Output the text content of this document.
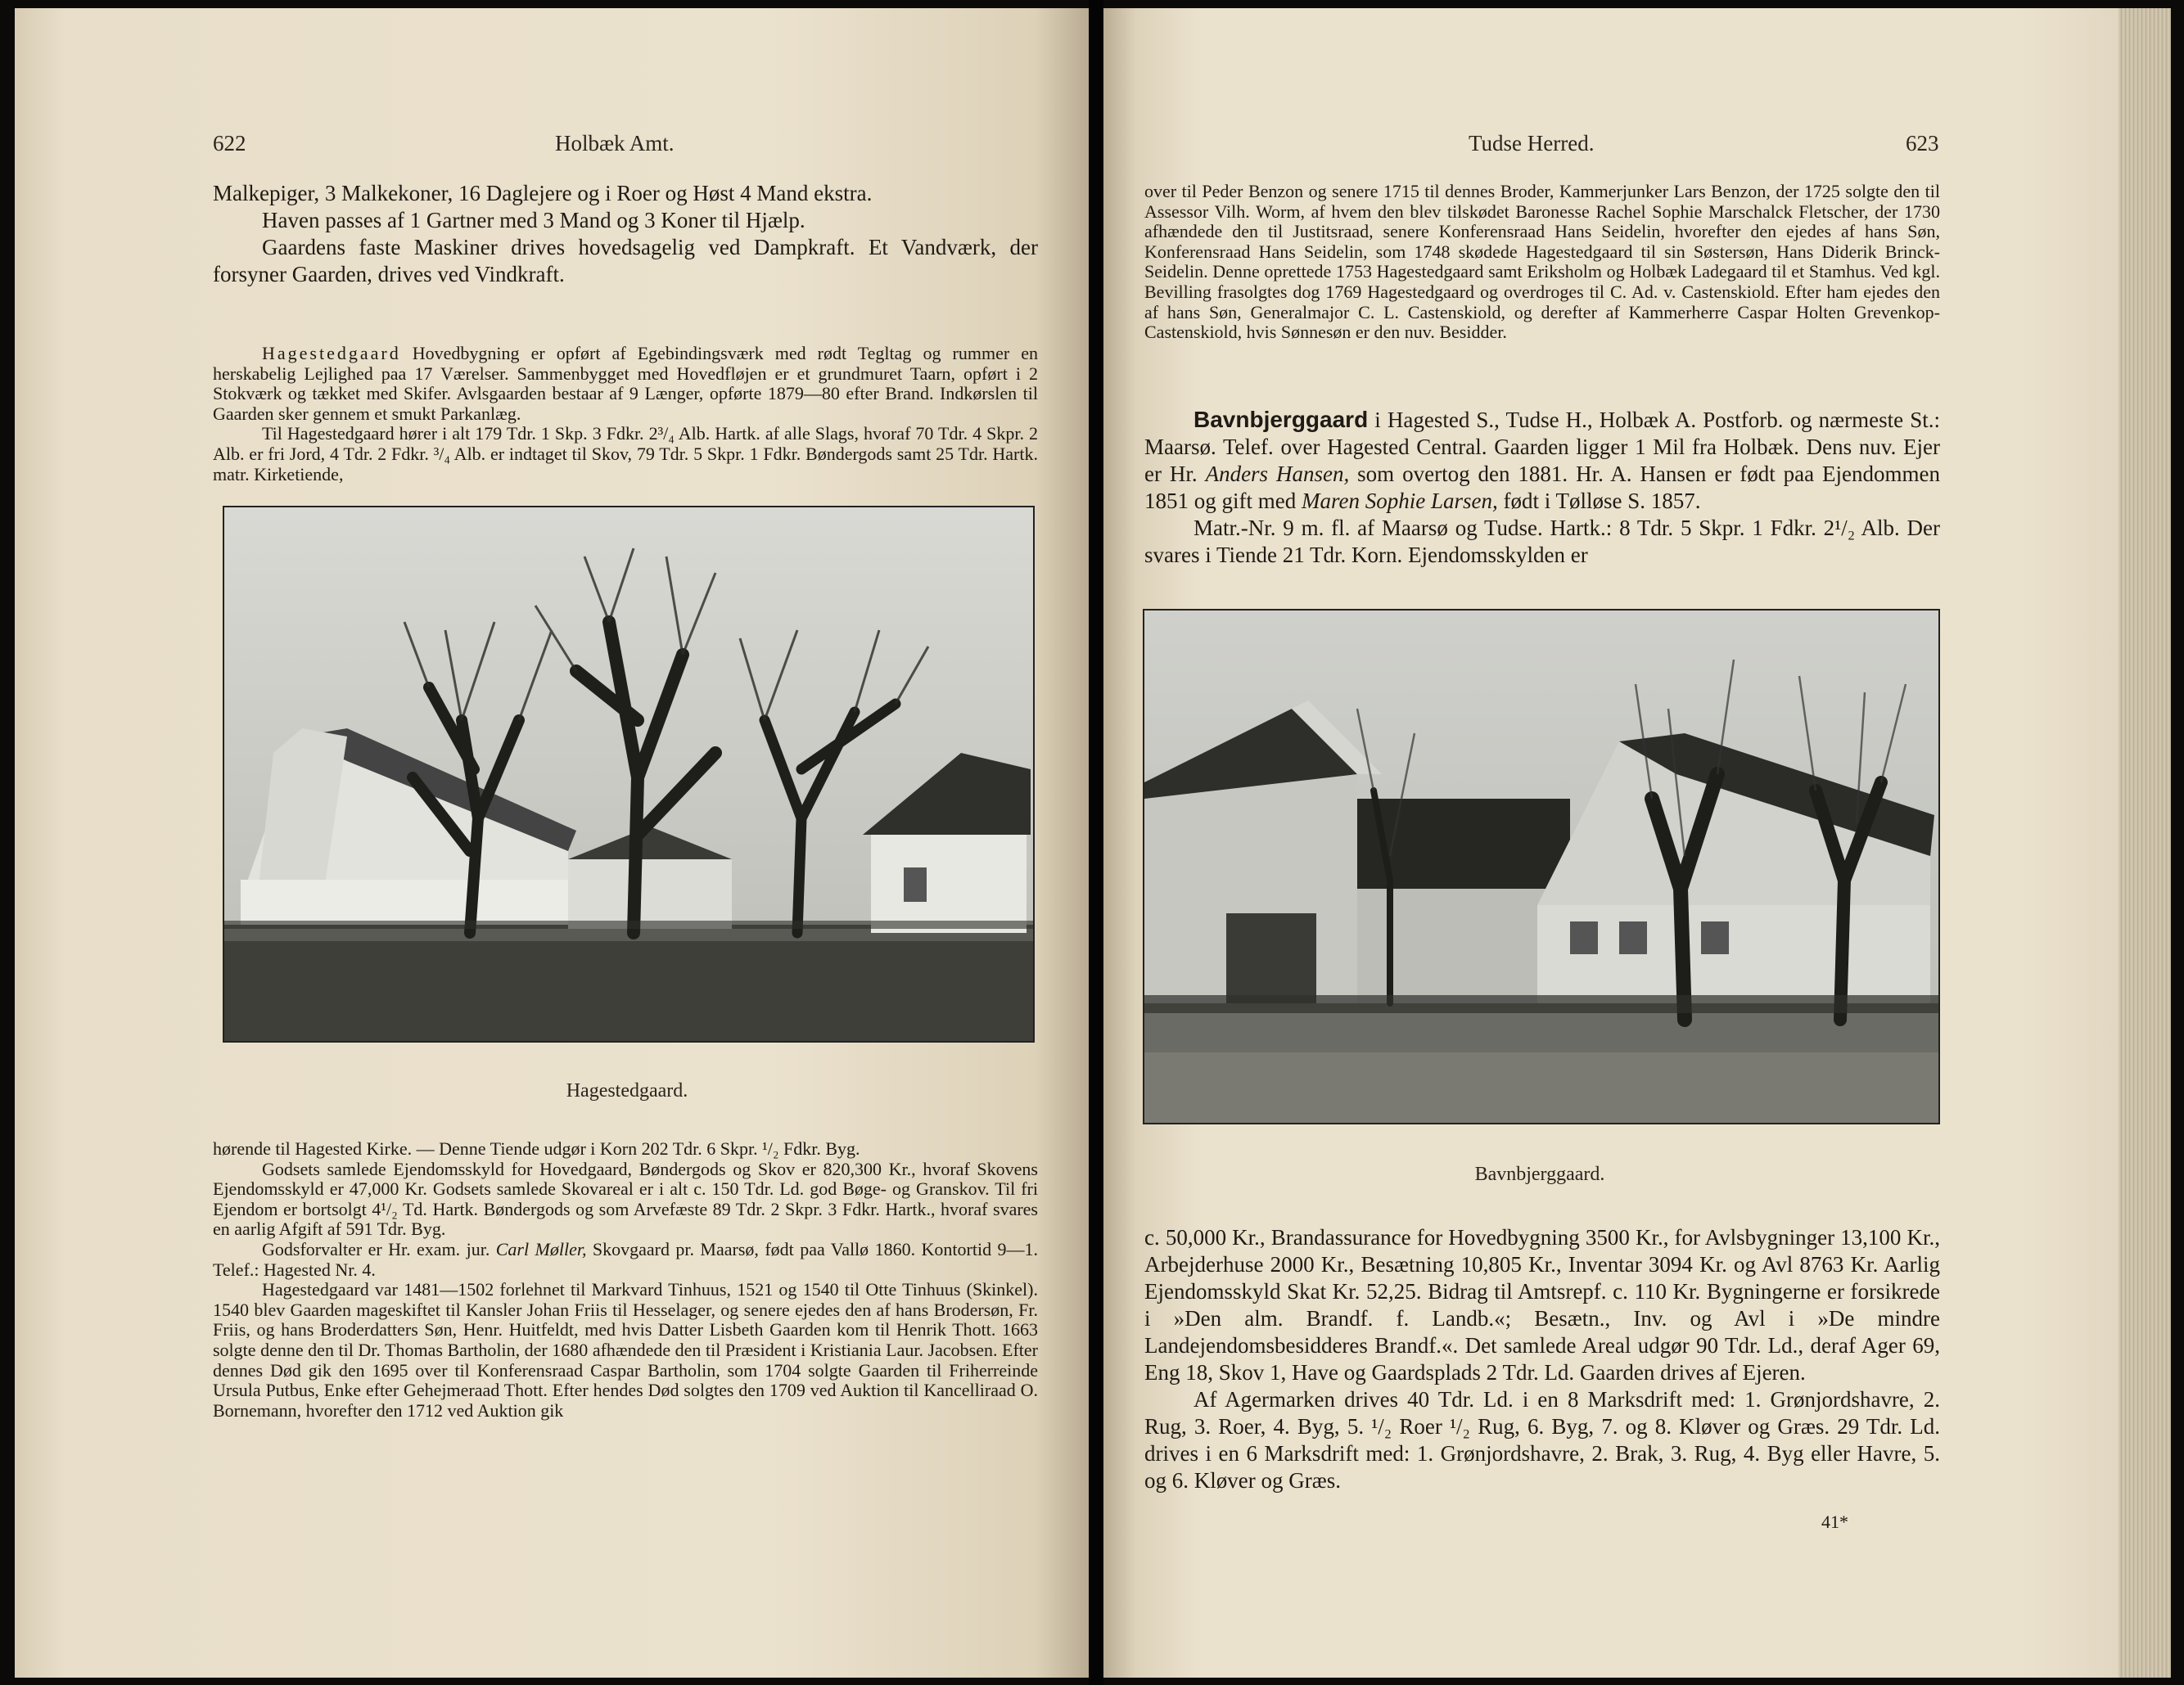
622	Holbæk Amt.

Malkepiger, 3 Malkekoner, 16 Daglejere og i Roer og Høst 4 Mand ekstra.

Haven passes af 1 Gartner med 3 Mand og 3 Koner til Hjælp.

Gaardens faste Maskiner drives hovedsagelig ved Dampkraft. Et Vandværk, der forsyner Gaarden, drives ved Vindkraft.

Hagestedgaard Hovedbygning er opført af Egebindingsværk med rødt Tegltag og rummer en herskabelig Lejlighed paa 17 Værelser. Sammenbygget med Hovedfløjen er et grundmuret Taarn, opført i 2 Stokværk og tækket med Skifer. Avlsgaarden bestaar af 9 Længer, opførte 1879—80 efter Brand. Indkørslen til Gaarden sker gennem et smukt Parkanlæg.

Til Hagestedgaard hører i alt 179 Tdr. 1 Skp. 3 Fdkr. 2³/₄ Alb. Hartk. af alle Slags, hvoraf 70 Tdr. 4 Skpr. 2 Alb. er fri Jord, 4 Tdr. 2 Fdkr. ³/₄ Alb. er indtaget til Skov, 79 Tdr. 5 Skpr. 1 Fdkr. Bøndergods samt 25 Tdr. Hartk. matr. Kirketiende,

Hagestedgaard.

hørende til Hagested Kirke. — Denne Tiende udgør i Korn 202 Tdr. 6 Skpr. ¹/₂ Fdkr. Byg.

Godsets samlede Ejendomsskyld for Hovedgaard, Bøndergods og Skov er 820,300 Kr., hvoraf Skovens Ejendomsskyld er 47,000 Kr. Godsets samlede Skovareal er i alt c. 150 Tdr. Ld. god Bøge- og Granskov. Til fri Ejendom er bortsolgt 4¹/₂ Td. Hartk. Bøndergods og som Arvefæste 89 Tdr. 2 Skpr. 3 Fdkr. Hartk., hvoraf svares en aarlig Afgift af 591 Tdr. Byg.

Godsforvalter er Hr. exam. jur. Carl Møller, Skovgaard pr. Maarsø, født paa Vallø 1860. Kontortid 9—1. Telef.: Hagested Nr. 4.

Hagestedgaard var 1481—1502 forlehnet til Markvard Tinhuus, 1521 og 1540 til Otte Tinhuus (Skinkel). 1540 blev Gaarden mageskiftet til Kansler Johan Friis til Hesselager, og senere ejedes den af hans Brodersøn, Fr. Friis, og hans Broderdatters Søn, Henr. Huitfeldt, med hvis Datter Lisbeth Gaarden kom til Henrik Thott. 1663 solgte denne den til Dr. Thomas Bartholin, der 1680 afhændede den til Præsident i Kristiania Laur. Jacobsen. Efter dennes Død gik den 1695 over til Konferensraad Caspar Bartholin, som 1704 solgte Gaarden til Friherreinde Ursula Putbus, Enke efter Gehejmeraad Thott. Efter hendes Død solgtes den 1709 ved Auktion til Kancelliraad O. Bornemann, hvorefter den 1712 ved Auktion gik

Tudse Herred.	623

over til Peder Benzon og senere 1715 til dennes Broder, Kammerjunker Lars Benzon, der 1725 solgte den til Assessor Vilh. Worm, af hvem den blev tilskødet Baronesse Rachel Sophie Marschalck Fletscher, der 1730 afhændede den til Justitsraad, senere Konferensraad Hans Seidelin, hvorefter den ejedes af hans Søn, Konferensraad Hans Seidelin, som 1748 skødede Hagestedgaard til sin Søstersøn, Hans Diderik Brinck-Seidelin. Denne oprettede 1753 Hagestedgaard samt Eriksholm og Holbæk Ladegaard til et Stamhus. Ved kgl. Bevilling frasolgtes dog 1769 Hagestedgaard og overdroges til C. Ad. v. Castenskiold. Efter ham ejedes den af hans Søn, Generalmajor C. L. Castenskiold, og derefter af Kammerherre Caspar Holten Grevenkop-Castenskiold, hvis Sønnesøn er den nuv. Besidder.

Bavnbjerggaard i Hagested S., Tudse H., Holbæk A. Postforb. og nærmeste St.: Maarsø. Telef. over Hagested Central. Gaarden ligger 1 Mil fra Holbæk. Dens nuv. Ejer er Hr. Anders Hansen, som overtog den 1881. Hr. A. Hansen er født paa Ejendommen 1851 og gift med Maren Sophie Larsen, født i Tølløse S. 1857.

Matr.-Nr. 9 m. fl. af Maarsø og Tudse. Hartk.: 8 Tdr. 5 Skpr. 1 Fdkr. 2¹/₂ Alb. Der svares i Tiende 21 Tdr. Korn. Ejendomsskylden er

Bavnbjerggaard.

c. 50,000 Kr., Brandassurance for Hovedbygning 3500 Kr., for Avlsbygninger 13,100 Kr., Arbejderhuse 2000 Kr., Besætning 10,805 Kr., Inventar 3094 Kr. og Avl 8763 Kr. Aarlig Ejendomsskyld Skat Kr. 52,25. Bidrag til Amtsrepf. c. 110 Kr. Bygningerne er forsikrede i »Den alm. Brandf. f. Landb.«; Besætn., Inv. og Avl i »De mindre Landejendomsbesidderes Brandf.«. Det samlede Areal udgør 90 Tdr. Ld., deraf Ager 69, Eng 18, Skov 1, Have og Gaardsplads 2 Tdr. Ld. Gaarden drives af Ejeren.

Af Agermarken drives 40 Tdr. Ld. i en 8 Marksdrift med: 1. Grønjordshavre, 2. Rug, 3. Roer, 4. Byg, 5. ¹/₂ Roer ¹/₂ Rug, 6. Byg, 7. og 8. Kløver og Græs. 29 Tdr. Ld. drives i en 6 Marksdrift med: 1. Grønjordshavre, 2. Brak, 3. Rug, 4. Byg eller Havre, 5. og 6. Kløver og Græs.

41*
